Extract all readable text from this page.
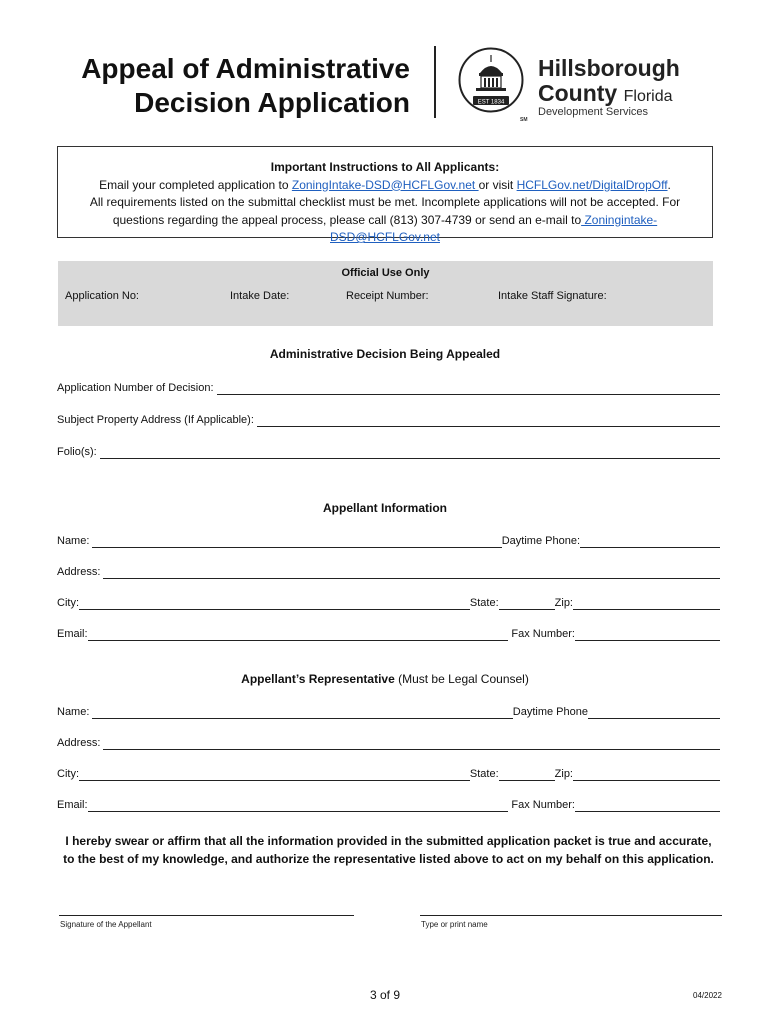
Appeal of Administrative
Decision Application	EST 1834
Hillsborough
County Florida
Development Services
SM
Important Instructions to All Applicants:
Email your completed application to ZoningIntake-DSD@HCFLGov.net or visit HCFLGov.net/DigitalDropOff.
All requirements listed on the submittal checklist must be met. Incomplete applications will not be accepted. For
questions regarding the appeal process, please call (813) 307-4739 or send an e-mail to Zoningintake-DSD@HCFLGov.net
Official Use Only
Application No:	Intake Date:	Receipt Number:	Intake Staff Signature:
Administrative Decision Being Appealed
Application Number of Decision:
Subject Property Address (If Applicable):
Folio(s):
Appellant Information
Name:	Daytime Phone:
Address:
City:	State:	Zip:
Email:	Fax Number:
Appellant’s Representative (Must be Legal Counsel)
Name:	Daytime Phone
Address:
City:	State:	Zip:
Email:	Fax Number:
I hereby swear or affirm that all the information provided in the submitted application packet is true and accurate,
to the best of my knowledge, and authorize the representative listed above to act on my behalf on this application.
Signature of the Appellant	Type or print name
3 of 9	04/2022
